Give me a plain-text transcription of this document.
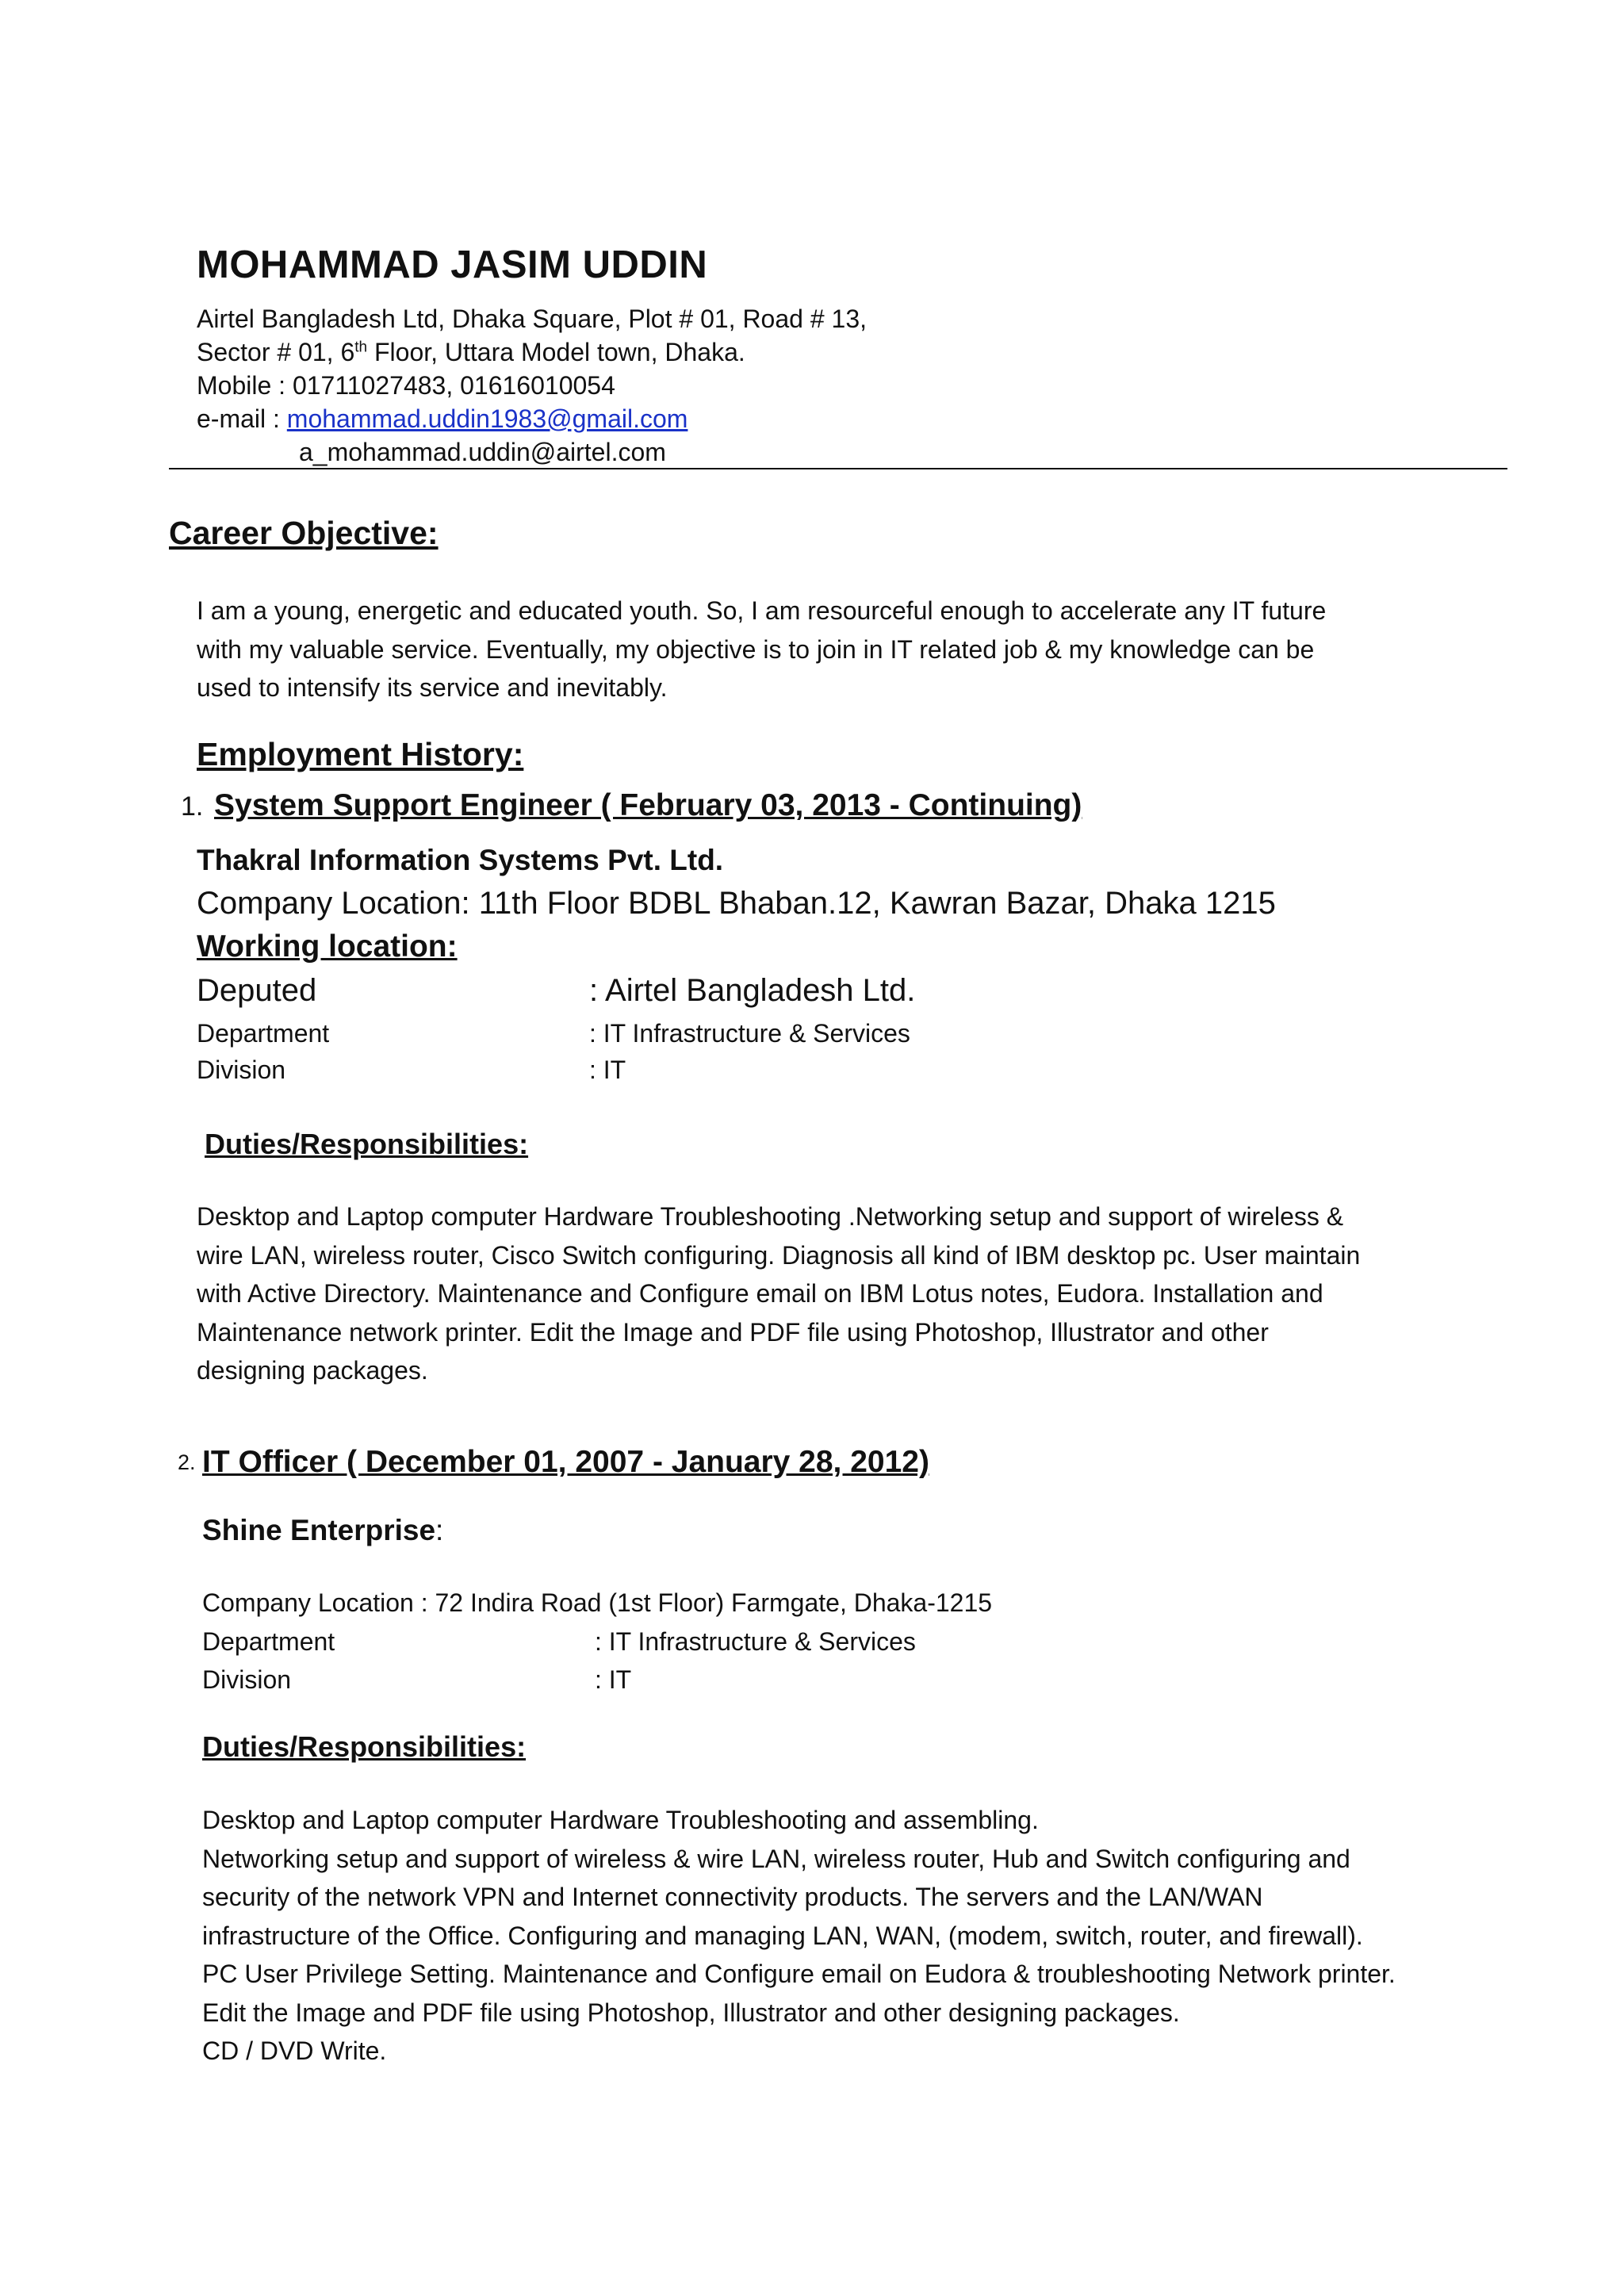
MOHAMMAD JASIM UDDIN
Airtel Bangladesh Ltd, Dhaka Square, Plot # 01, Road # 13,
Sector # 01, 6th Floor, Uttara Model town, Dhaka.
Mobile : 01711027483, 01616010054
e-mail : mohammad.uddin1983@gmail.com
a_mohammad.uddin@airtel.com
Career Objective:
I am a young, energetic and educated youth. So, I am resourceful enough to accelerate any IT future
with my valuable service. Eventually, my objective is to join in IT related job & my knowledge can be
used to intensify its service and inevitably.
Employment History:
1. System Support Engineer ( February 03, 2013 - Continuing)
Thakral Information Systems Pvt. Ltd.
Company Location: 11th Floor BDBL Bhaban.12, Kawran Bazar, Dhaka 1215
Working location:
Deputed	: Airtel Bangladesh Ltd.
Department	: IT Infrastructure & Services
Division	: IT
Duties/Responsibilities:
Desktop and Laptop computer Hardware Troubleshooting .Networking setup and support of wireless &
wire LAN, wireless router, Cisco Switch configuring. Diagnosis all kind of IBM desktop pc. User maintain
with Active Directory. Maintenance and Configure email on IBM Lotus notes, Eudora. Installation and
Maintenance network printer. Edit the Image and PDF file using Photoshop, Illustrator and other
designing packages.
2. IT Officer ( December 01, 2007 - January 28, 2012)
Shine Enterprise:
Company Location : 72 Indira Road (1st Floor) Farmgate, Dhaka-1215
Department	: IT Infrastructure & Services
Division	: IT
Duties/Responsibilities:
Desktop and Laptop computer Hardware Troubleshooting and assembling.
Networking setup and support of wireless & wire LAN, wireless router, Hub and Switch configuring and
security of the network VPN and Internet connectivity products. The servers and the LAN/WAN
infrastructure of the Office. Configuring and managing LAN, WAN, (modem, switch, router, and firewall).
PC User Privilege Setting. Maintenance and Configure email on Eudora & troubleshooting Network printer.
Edit the Image and PDF file using Photoshop, Illustrator and other designing packages.
CD / DVD Write.
